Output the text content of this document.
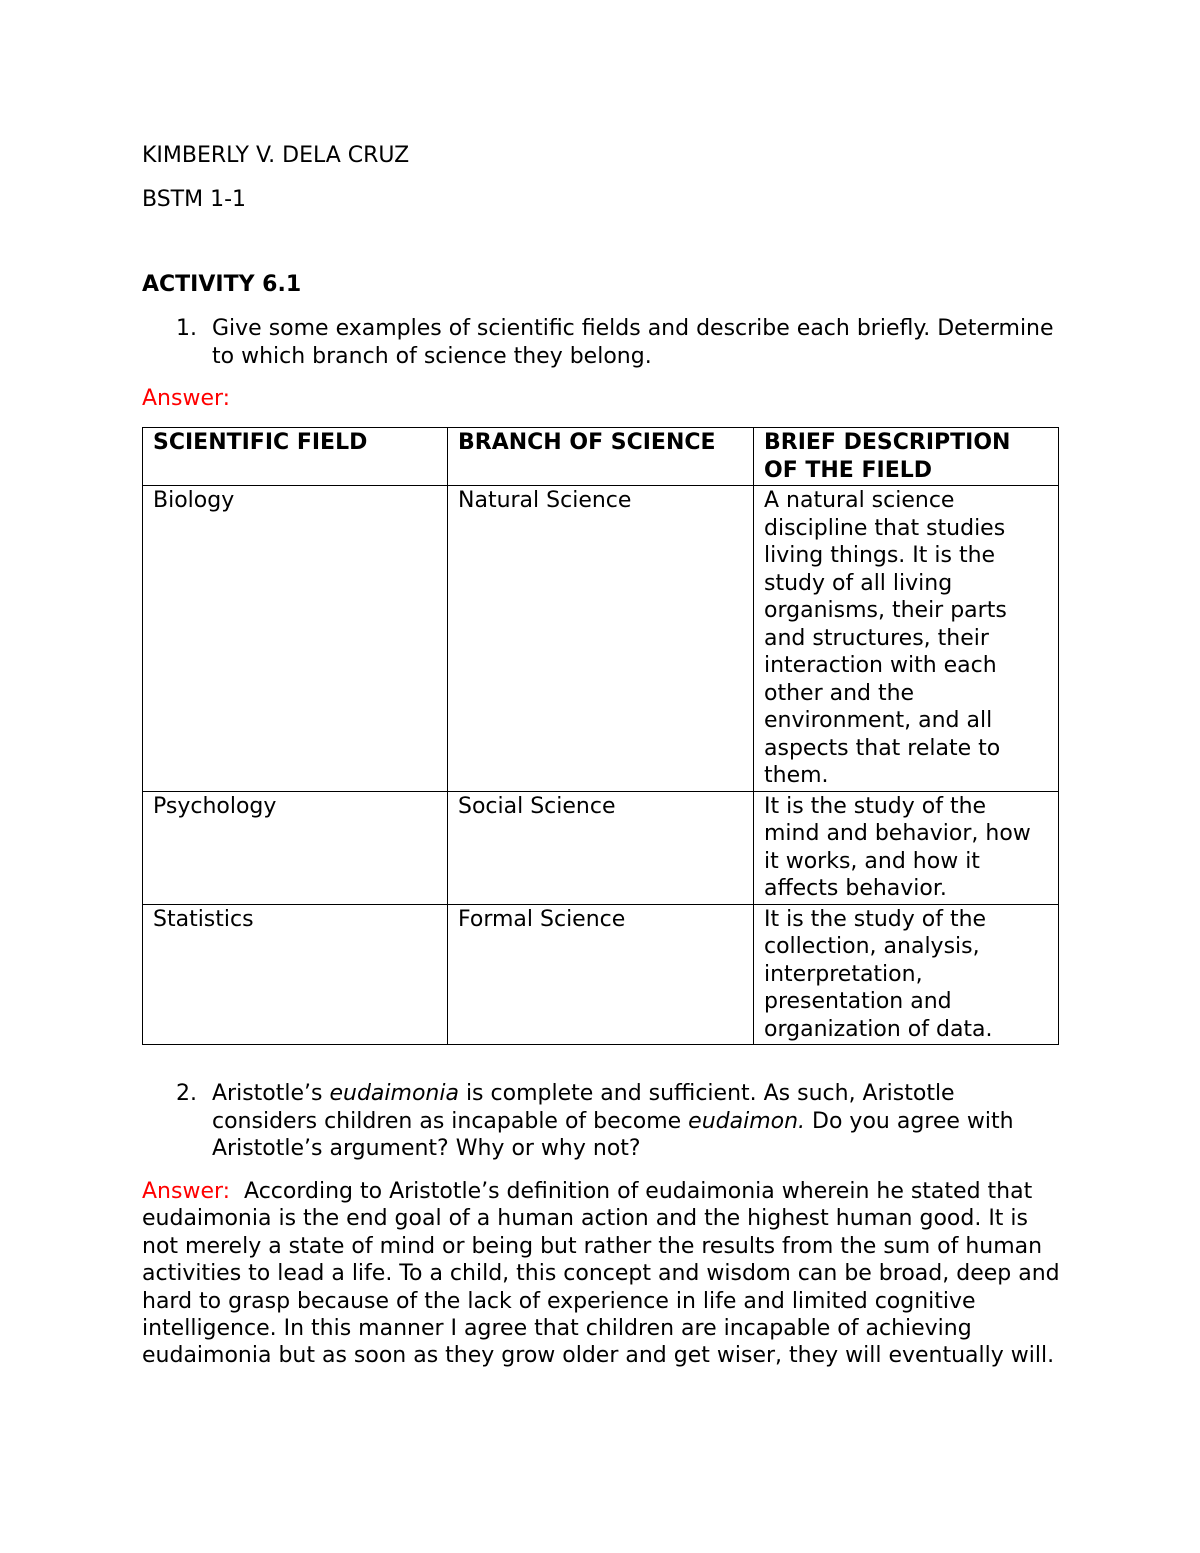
KIMBERLY V. DELA CRUZ
BSTM 1-1
ACTIVITY 6.1
1. Give some examples of scientific fields and describe each briefly. Determine to which branch of science they belong.
Answer:
SCIENTIFIC FIELD	BRANCH OF SCIENCE	BRIEF DESCRIPTION OF THE FIELD
Biology	Natural Science	A natural science discipline that studies living things. It is the study of all living organisms, their parts and structures, their interaction with each other and the environment, and all aspects that relate to them.
Psychology	Social Science	It is the study of the mind and behavior, how it works, and how it affects behavior.
Statistics	Formal Science	It is the study of the collection, analysis, interpretation, presentation and organization of data.
2. Aristotle’s eudaimonia is complete and sufficient. As such, Aristotle considers children as incapable of become eudaimon. Do you agree with Aristotle’s argument? Why or why not?
Answer:  According to Aristotle’s definition of eudaimonia wherein he stated that  eudaimonia is the end goal of a human action and the highest human good. It is not merely a state of mind or being but rather the results from the sum of human activities to lead a life. To a child, this concept and wisdom can be broad, deep and hard to grasp because of the lack of experience in life and limited cognitive intelligence. In this manner I agree that children are incapable of achieving eudaimonia but as soon as they grow older and get wiser, they will eventually will.
